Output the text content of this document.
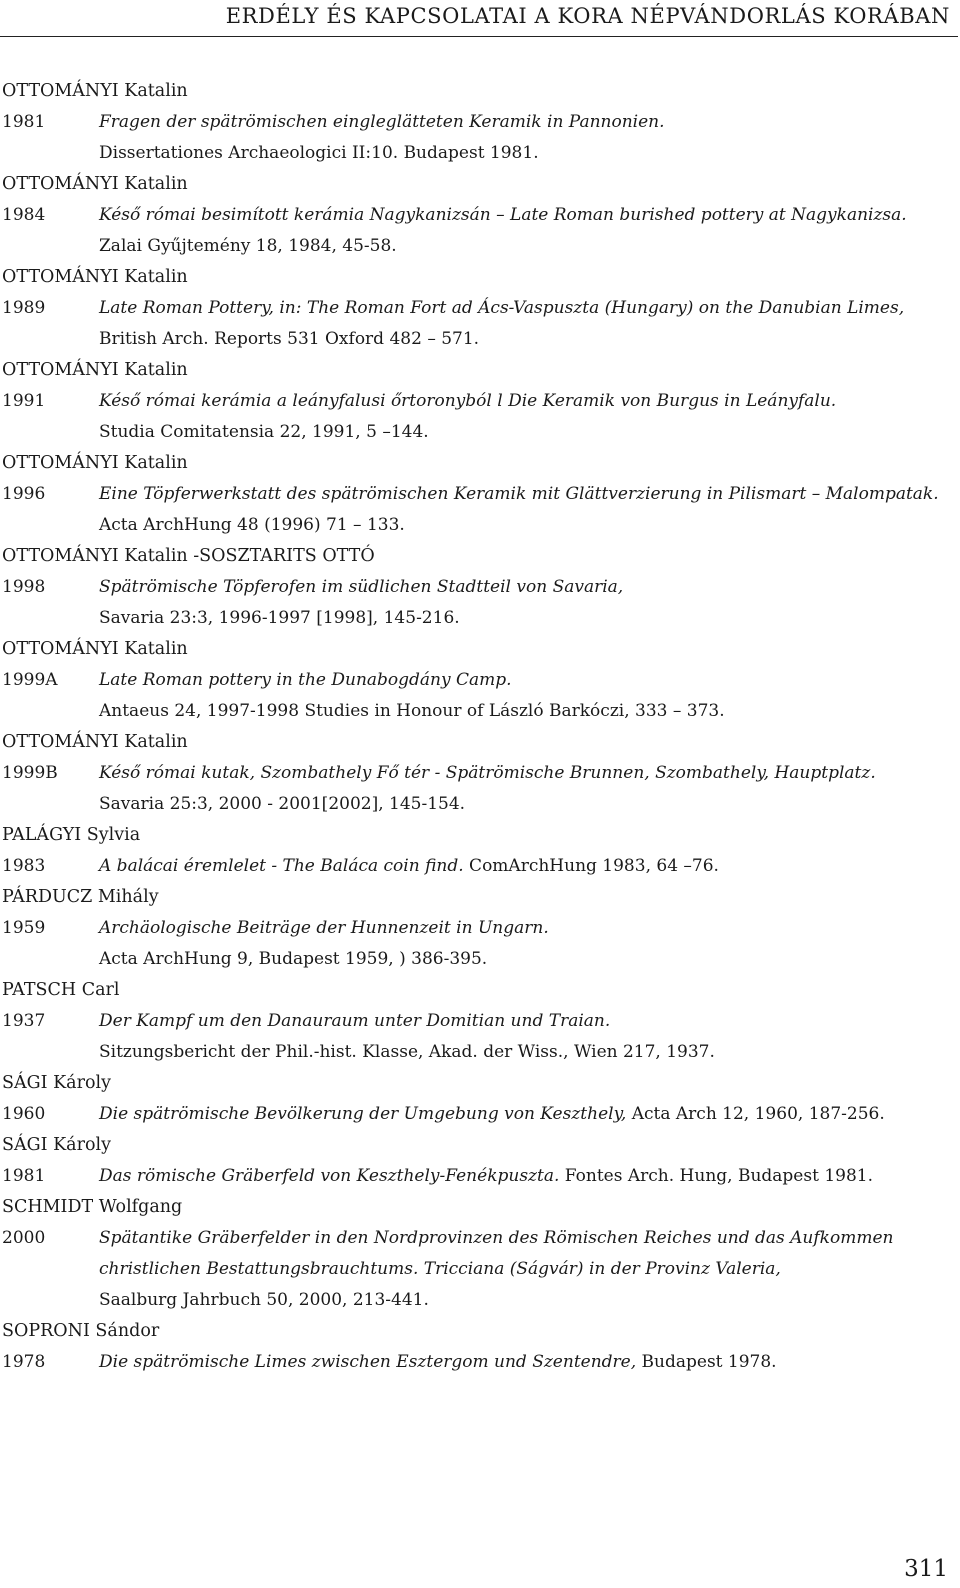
ERDÉLY ÉS KAPCSOLATAI A KORA NÉPVÁNDORLÁS KORÁBAN
OTTOMÁNYI Katalin
1981	Fragen der spätrömischen eingleglätteten Keramik in Pannonien.
Dissertationes Archaeologici II:10. Budapest 1981.
OTTOMÁNYI Katalin
1984	Késő római besimított kerámia Nagykanizsán – Late Roman burished pottery at Nagykanizsa.
Zalai Gyűjtemény 18, 1984, 45-58.
OTTOMÁNYI Katalin
1989	Late Roman Pottery, in: The Roman Fort ad Ács-Vaspuszta (Hungary) on the Danubian Limes,
British Arch. Reports 531 Oxford 482 – 571.
OTTOMÁNYI Katalin
1991	Késő római kerámia a leányfalusi őrtoronyból l Die Keramik von Burgus in Leányfalu.
Studia Comitatensia 22, 1991, 5 –144.
OTTOMÁNYI Katalin
1996	Eine Töpferwerkstatt des spätrömischen Keramik mit Glättverzierung in Pilismart – Malompatak.
Acta ArchHung 48 (1996) 71 – 133.
OTTOMÁNYI Katalin -SOSZTARITS OTTÓ
1998	Spätrömische Töpferofen im südlichen Stadtteil von Savaria,
Savaria 23:3, 1996-1997 [1998], 145-216.
OTTOMÁNYI Katalin
1999A	Late Roman pottery in the Dunabogdány Camp.
Antaeus 24, 1997-1998 Studies in Honour of László Barkóczi, 333 – 373.
OTTOMÁNYI Katalin
1999B	Késő római kutak, Szombathely Fő tér - Spätrömische Brunnen, Szombathely, Hauptplatz.
Savaria 25:3, 2000 - 2001[2002], 145-154.
PALÁGYI Sylvia
1983	A balácai éremlelet - The Baláca coin find. ComArchHung 1983, 64 –76.
PÁRDUCZ Mihály
1959	Archäologische Beiträge der Hunnenzeit in Ungarn.
Acta ArchHung 9, Budapest 1959, ) 386-395.
PATSCH Carl
1937	Der Kampf um den Danauraum unter Domitian und Traian.
Sitzungsbericht der Phil.-hist. Klasse, Akad. der Wiss., Wien 217, 1937.
SÁGI Károly
1960	Die spätrömische Bevölkerung der Umgebung von Keszthely, Acta Arch 12, 1960, 187-256.
SÁGI Károly
1981	Das römische Gräberfeld von Keszthely-Fenékpuszta. Fontes Arch. Hung, Budapest 1981.
SCHMIDT Wolfgang
2000	Spätantike Gräberfelder in den Nordprovinzen des Römischen Reiches und das Aufkommen
christlichen Bestattungsbrauchtums. Tricciana (Ságvár) in der Provinz Valeria,
Saalburg Jahrbuch 50, 2000, 213-441.
SOPRONI Sándor
1978	Die spätrömische Limes zwischen Esztergom und Szentendre, Budapest 1978.
311
